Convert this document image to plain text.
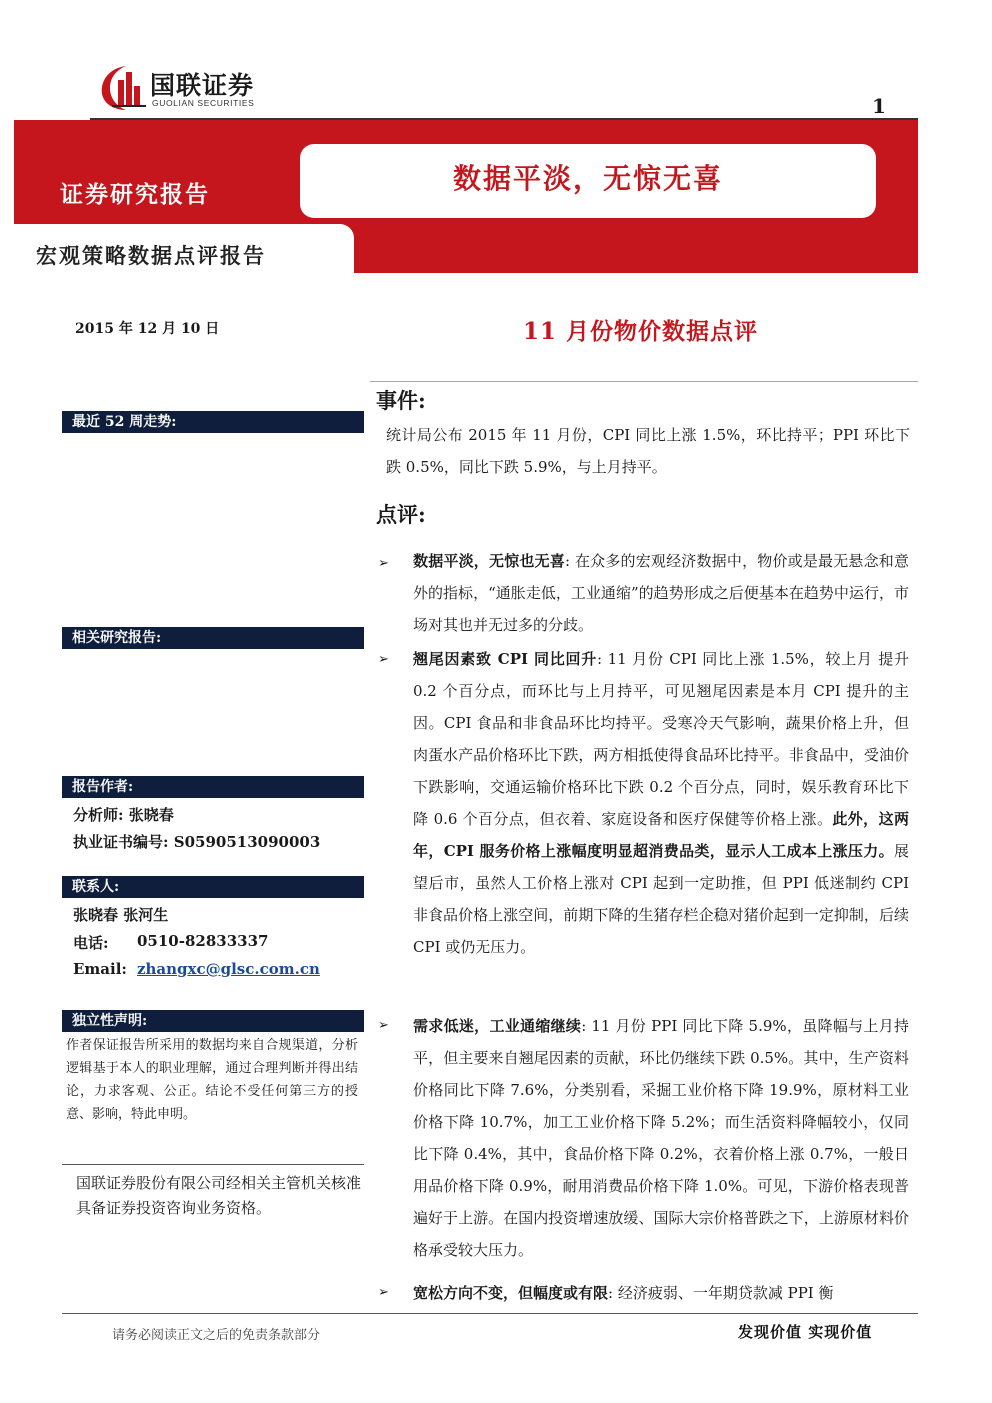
国联证券
GUOLIAN SECURITIES	1
数据平淡，无惊无喜
证券研究报告
宏观策略数据点评报告
2015 年 12 月 10 日
最近 52 周走势:
相关研究报告:
报告作者:
分析师: 张晓春
执业证书编号: S0590513090003
联系人:
张晓春 张河生
电话: 0510-82833337
Email: zhangxc@glsc.com.cn
独立性声明:
作者保证报告所采用的数据均来自合规渠道，分析逻辑基于本人的职业理解，通过合理判断并得出结论，力求客观、公正。结论不受任何第三方的授意、影响，特此申明。
国联证券股份有限公司经相关主管机关核准具备证券投资咨询业务资格。
11 月份物价数据点评
事件:
统计局公布 2015 年 11 月份，CPI 同比上涨 1.5%，环比持平；PPI 环比下跌 0.5%，同比下跌 5.9%，与上月持平。
点评:
➢ 数据平淡，无惊也无喜: 在众多的宏观经济数据中，物价或是最无悬念和意外的指标，“通胀走低，工业通缩”的趋势形成之后便基本在趋势中运行，市场对其也并无过多的分歧。
➢ 翘尾因素致 CPI 同比回升: 11 月份 CPI 同比上涨 1.5%，较上月 提升 0.2 个百分点，而环比与上月持平，可见翘尾因素是本月 CPI 提升的主因。CPI 食品和非食品环比均持平。受寒冷天气影响，蔬果价格上升，但肉蛋水产品价格环比下跌，两方相抵使得食品环比持平。非食品中，受油价下跌影响，交通运输价格环比下跌 0.2 个百分点，同时，娱乐教育环比下降 0.6 个百分点，但衣着、家庭设备和医疗保健等价格上涨。此外，这两年，CPI 服务价格上涨幅度明显超消费品类，显示人工成本上涨压力。展望后市，虽然人工价格上涨对 CPI 起到一定助推，但 PPI 低迷制约 CPI 非食品价格上涨空间，前期下降的生猪存栏企稳对猪价起到一定抑制，后续 CPI 或仍无压力。
➢ 需求低迷，工业通缩继续: 11 月份 PPI 同比下降 5.9%，虽降幅与上月持平，但主要来自翘尾因素的贡献，环比仍继续下跌 0.5%。其中，生产资料价格同比下降 7.6%，分类别看，采掘工业价格下降 19.9%，原材料工业价格下降 10.7%，加工工业价格下降 5.2%；而生活资料降幅较小，仅同比下降 0.4%，其中，食品价格下降 0.2%，衣着价格上涨 0.7%，一般日用品价格下降 0.9%，耐用消费品价格下降 1.0%。可见，下游价格表现普遍好于上游。在国内投资增速放缓、国际大宗价格普跌之下，上游原材料价格承受较大压力。
➢ 宽松方向不变，但幅度或有限: 经济疲弱、一年期贷款减 PPI 衡
请务必阅读正文之后的免责条款部分	发现价值 实现价值
